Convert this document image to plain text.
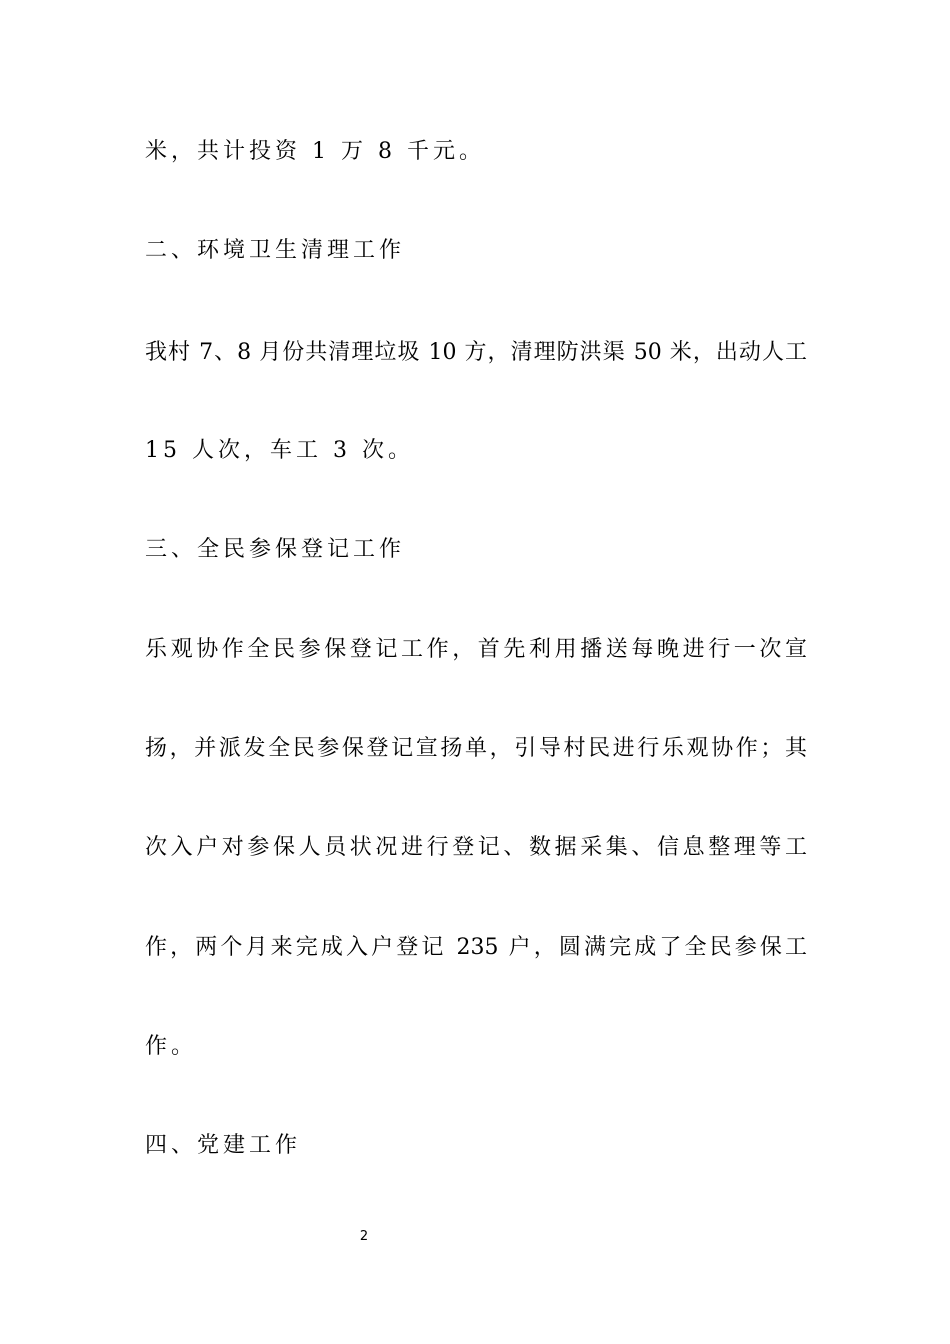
米，共计投资 1 万 8 千元。
二、环境卫生清理工作
我村 7、8 月份共清理垃圾 10 方，清理防洪渠 50 米，出动人工
15 人次，车工 3 次。
三、全民参保登记工作
乐观协作全民参保登记工作，首先利用播送每晚进行一次宣
扬，并派发全民参保登记宣扬单，引导村民进行乐观协作；其
次入户对参保人员状况进行登记、数据采集、信息整理等工
作，两个月来完成入户登记 235 户，圆满完成了全民参保工
作。
四、党建工作
2
